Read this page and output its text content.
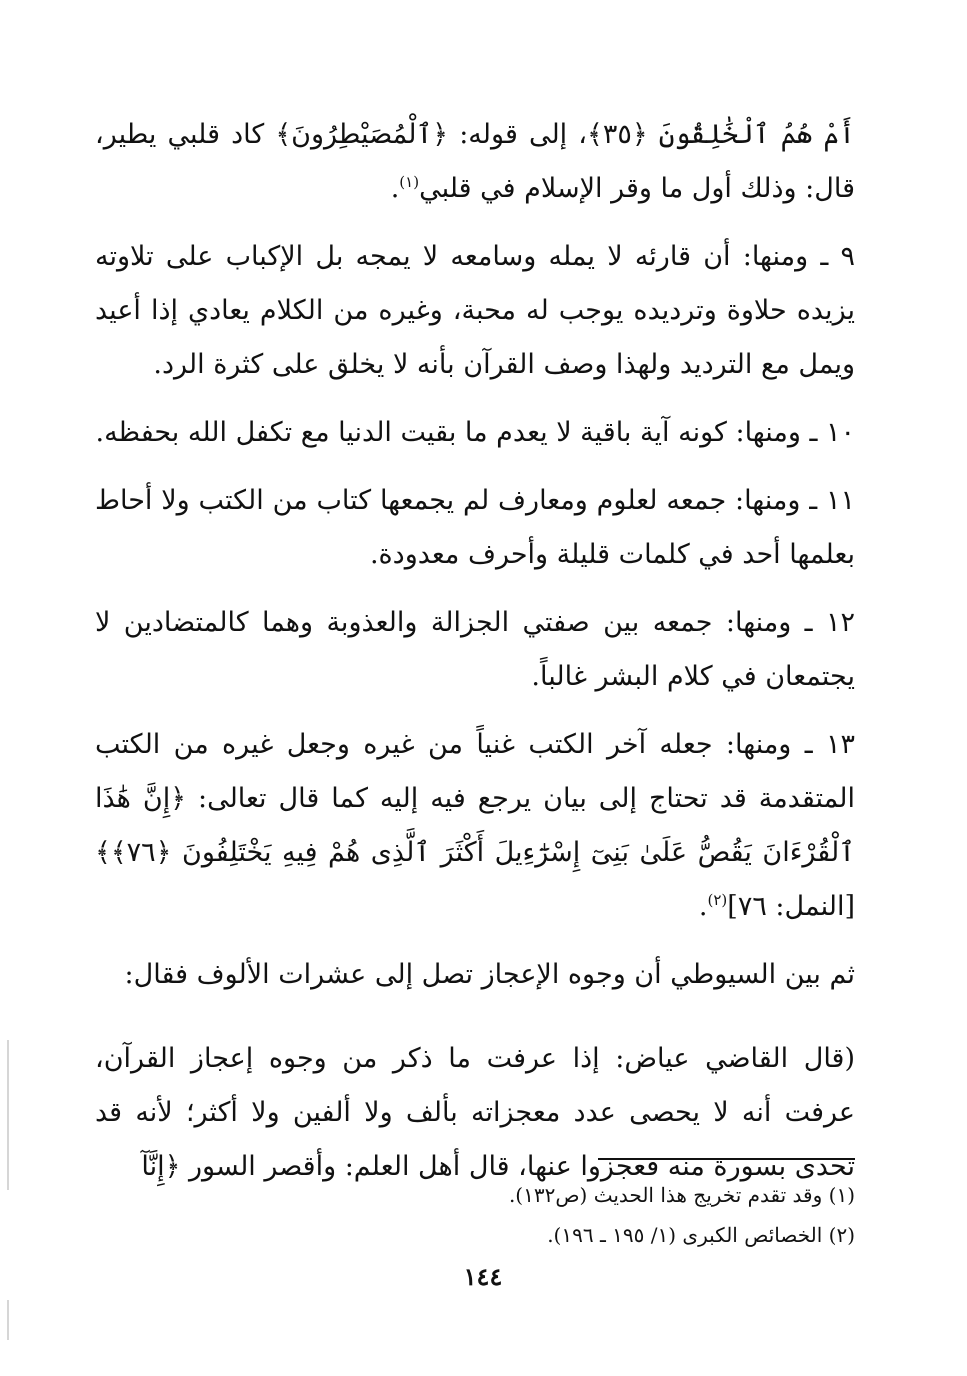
أَمْ هُمُ ٱلْخَٰلِقُونَ ﴿٣٥﴾، إلى قوله: ﴿ٱلْمُصَيْطِرُونَ﴾ كاد قلبي يطير، قال: وذلك أول ما وقر الإسلام في قلبي$^{(١)}$.

٩ ـ ومنها: أن قارئه لا يمله وسامعه لا يمجه بل الإكباب على تلاوته يزيده حلاوة وترديده يوجب له محبة، وغيره من الكلام يعادي إذا أعيد ويمل مع الترديد ولهذا وصف القرآن بأنه لا يخلق على كثرة الرد.

١٠ ـ ومنها: كونه آية باقية لا يعدم ما بقيت الدنيا مع تكفل الله بحفظه.

١١ ـ ومنها: جمعه لعلوم ومعارف لم يجمعها كتاب من الكتب ولا أحاط بعلمها أحد في كلمات قليلة وأحرف معدودة.

١٢ ـ ومنها: جمعه بين صفتي الجزالة والعذوبة وهما كالمتضادين لا يجتمعان في كلام البشر غالباً.

١٣ ـ ومنها: جعله آخر الكتب غنياً من غيره وجعل غيره من الكتب المتقدمة قد تحتاج إلى بيان يرجع فيه إليه كما قال تعالى: ﴿إِنَّ هَٰذَا ٱلْقُرْءَانَ يَقُصُّ عَلَىٰ بَنِىٓ إِسْرَٰٓءِيلَ أَكْثَرَ ٱلَّذِى هُمْ فِيهِ يَخْتَلِفُونَ ﴿٧٦﴾﴾ [النمل: ٧٦]$^{(٢)}$.

ثم بين السيوطي أن وجوه الإعجاز تصل إلى عشرات الألوف فقال:

(قال القاضي عياض: إذا عرفت ما ذكر من وجوه إعجاز القرآن، عرفت أنه لا يحصى عدد معجزاته بألف ولا ألفين ولا أكثر؛ لأنه قد تحدى بسورة منه فعجزوا عنها، قال أهل العلم: وأقصر السور ﴿إِنَّآ

(١) وقد تقدم تخريج هذا الحديث (ص١٣٢).

(٢) الخصائص الكبرى (١/ ١٩٥ ـ ١٩٦).

١٤٤
